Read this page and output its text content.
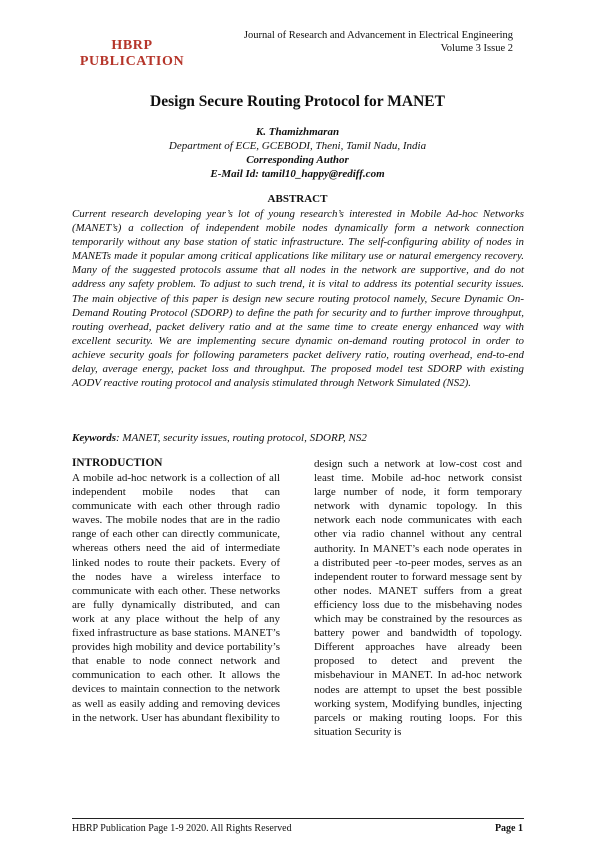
HBRP
PUBLICATION
Journal of Research and Advancement in Electrical Engineering
Volume 3 Issue 2
Design Secure Routing Protocol for MANET
K. Thamizhmaran
Department of ECE, GCEBODI, Theni, Tamil Nadu, India
Corresponding Author
E-Mail Id: tamil10_happy@rediff.com
ABSTRACT

Current research developing year’s lot of young research’s interested in Mobile Ad-hoc Networks (MANET’s) a collection of independent mobile nodes dynamically form a network connection temporarily without any base station of static infrastructure. The self-configuring ability of nodes in MANETs made it popular among critical applications like military use or natural emergency recovery. Many of the suggested protocols assume that all nodes in the network are supportive, and do not address any safety problem. To adjust to such trend, it is vital to address its potential security issues. The main objective of this paper is design new secure routing protocol namely, Secure Dynamic On-Demand Routing Protocol (SDORP) to define the path for security and to further improve throughput, routing overhead, packet delivery ratio and at the same time to create energy enhanced way with excellent security. We are implementing secure dynamic on-demand routing protocol in order to achieve security goals for following parameters packet delivery ratio, routing overhead, end-to-end delay, average energy, packet loss and throughput. The proposed model test SDORP with existing AODV reactive routing protocol and analysis stimulated through Network Simulated (NS2).

Keywords: MANET, security issues, routing protocol, SDORP, NS2

INTRODUCTION

A mobile ad-hoc network is a collection of all independent mobile nodes that can communicate with each other through radio waves. The mobile nodes that are in the radio range of each other can directly communicate, whereas others need the aid of intermediate linked nodes to route their packets. Every of the nodes have a wireless interface to communicate with each other. These networks are fully dynamically distributed, and can work at any place without the help of any fixed infrastructure as base stations. MANET’s provides high mobility and device portability’s that enable to node connect network and communication to each other. It allows the devices to maintain connection to the network as well as easily adding and removing devices in the network. User has abundant flexibility to

design such a network at low-cost cost and least time. Mobile ad-hoc network consist large number of node, it form temporary network with dynamic topology. In this network each node communicates with each other via radio channel without any central authority. In MANET’s each node operates in a distributed peer -to-peer modes, serves as an independent router to forward message sent by other nodes. MANET suffers from a great efficiency loss due to the misbehaving nodes which may be constrained by the resources as battery power and bandwidth of topology. Different approaches have already been proposed to detect and prevent the misbehaviour in MANET. In ad-hoc network nodes are attempt to upset the best possible working system, Modifying bundles, injecting parcels or making routing loops. For this situation Security is

HBRP Publication Page 1-9 2020. All Rights Reserved	Page 1
